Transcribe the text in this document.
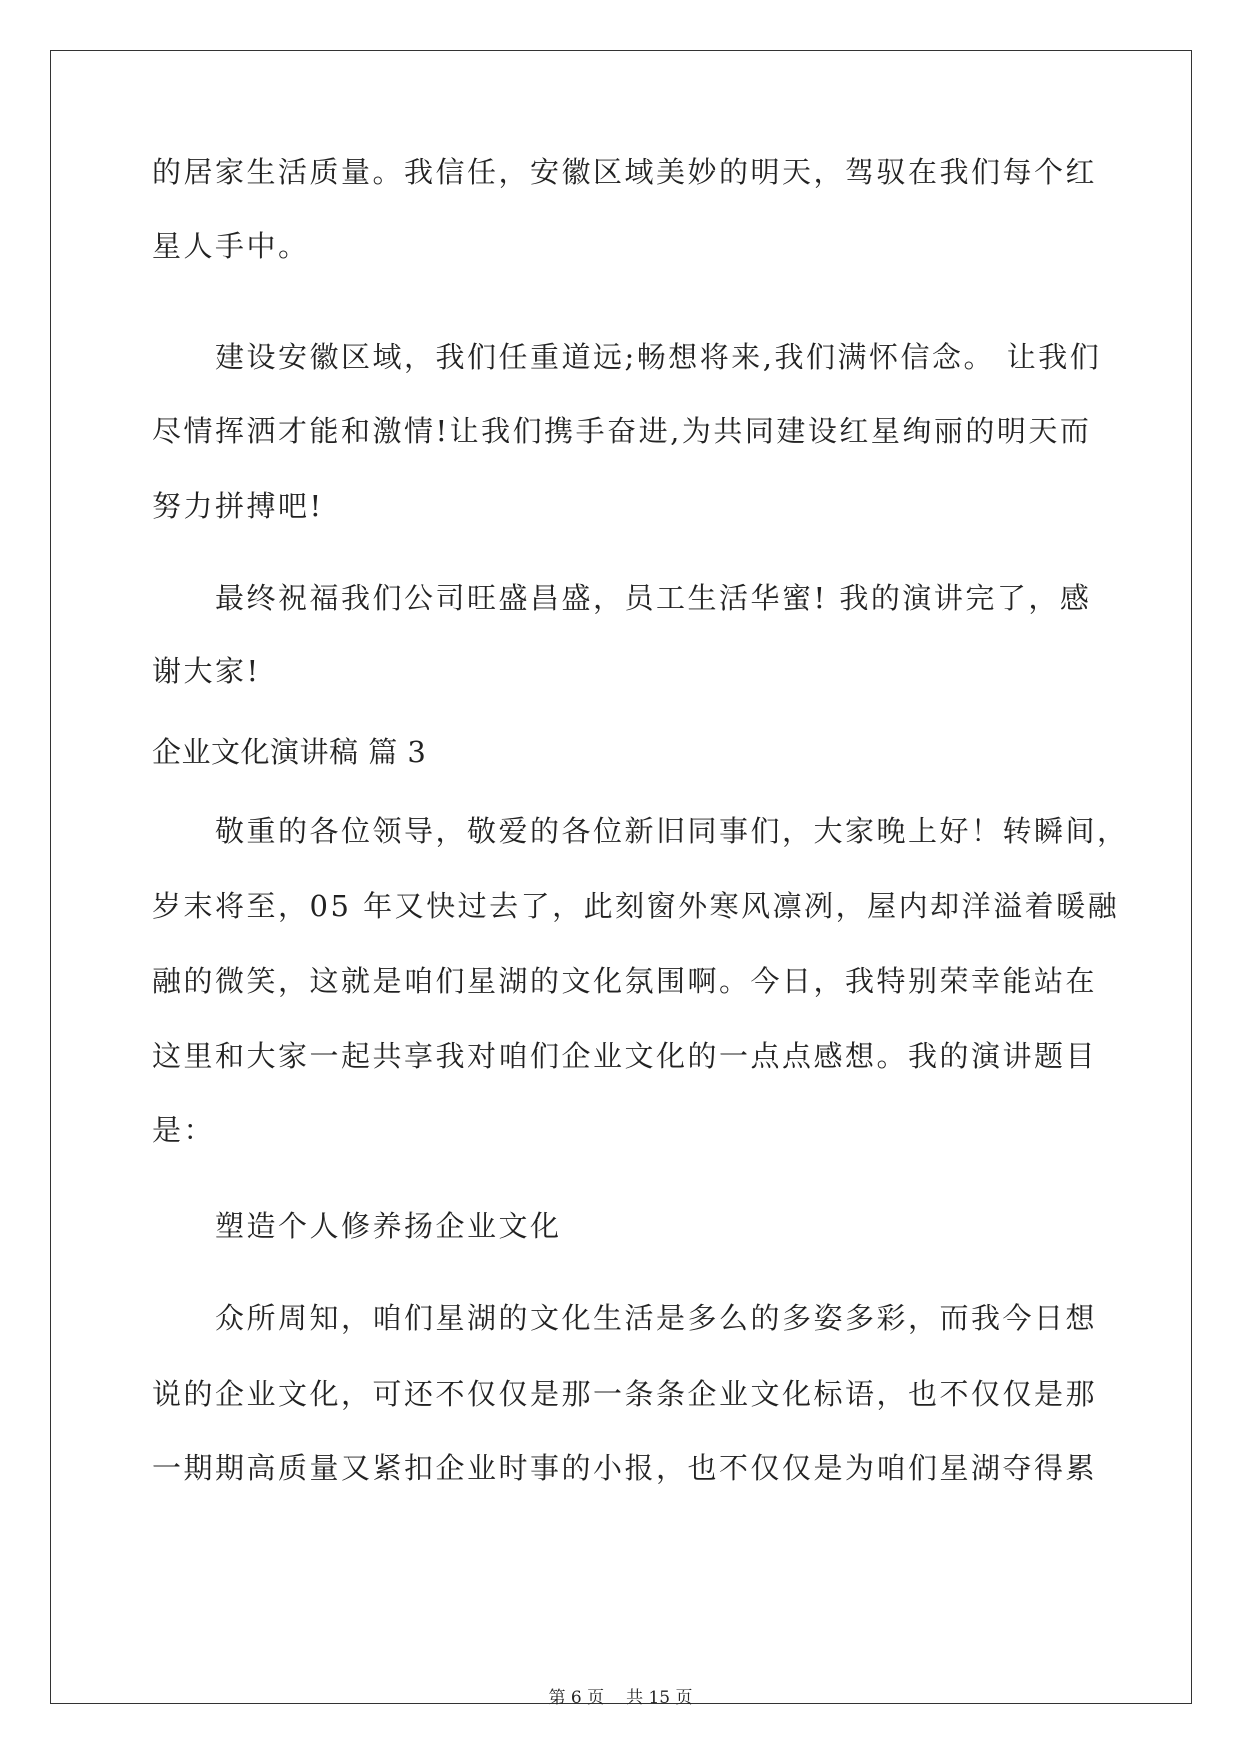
的居家生活质量。我信任，安徽区域美妙的明天，驾驭在我们每个红
星人手中。
　　建设安徽区域，我们任重道远;畅想将来,我们满怀信念。 让我们
尽情挥洒才能和激情!让我们携手奋进,为共同建设红星绚丽的明天而
努力拼搏吧!
　　最终祝福我们公司旺盛昌盛，员工生活华蜜! 我的演讲完了，感
谢大家!
企业文化演讲稿 篇 3
　　敬重的各位领导，敬爱的各位新旧同事们，大家晚上好！转瞬间，
岁末将至，05 年又快过去了，此刻窗外寒风凛冽，屋内却洋溢着暖融
融的微笑，这就是咱们星湖的文化氛围啊。今日，我特别荣幸能站在
这里和大家一起共享我对咱们企业文化的一点点感想。我的演讲题目
是：
　　塑造个人修养扬企业文化
　　众所周知，咱们星湖的文化生活是多么的多姿多彩，而我今日想
说的企业文化，可还不仅仅是那一条条企业文化标语，也不仅仅是那
一期期高质量又紧扣企业时事的小报，也不仅仅是为咱们星湖夺得累
第 6 页 共 15 页
